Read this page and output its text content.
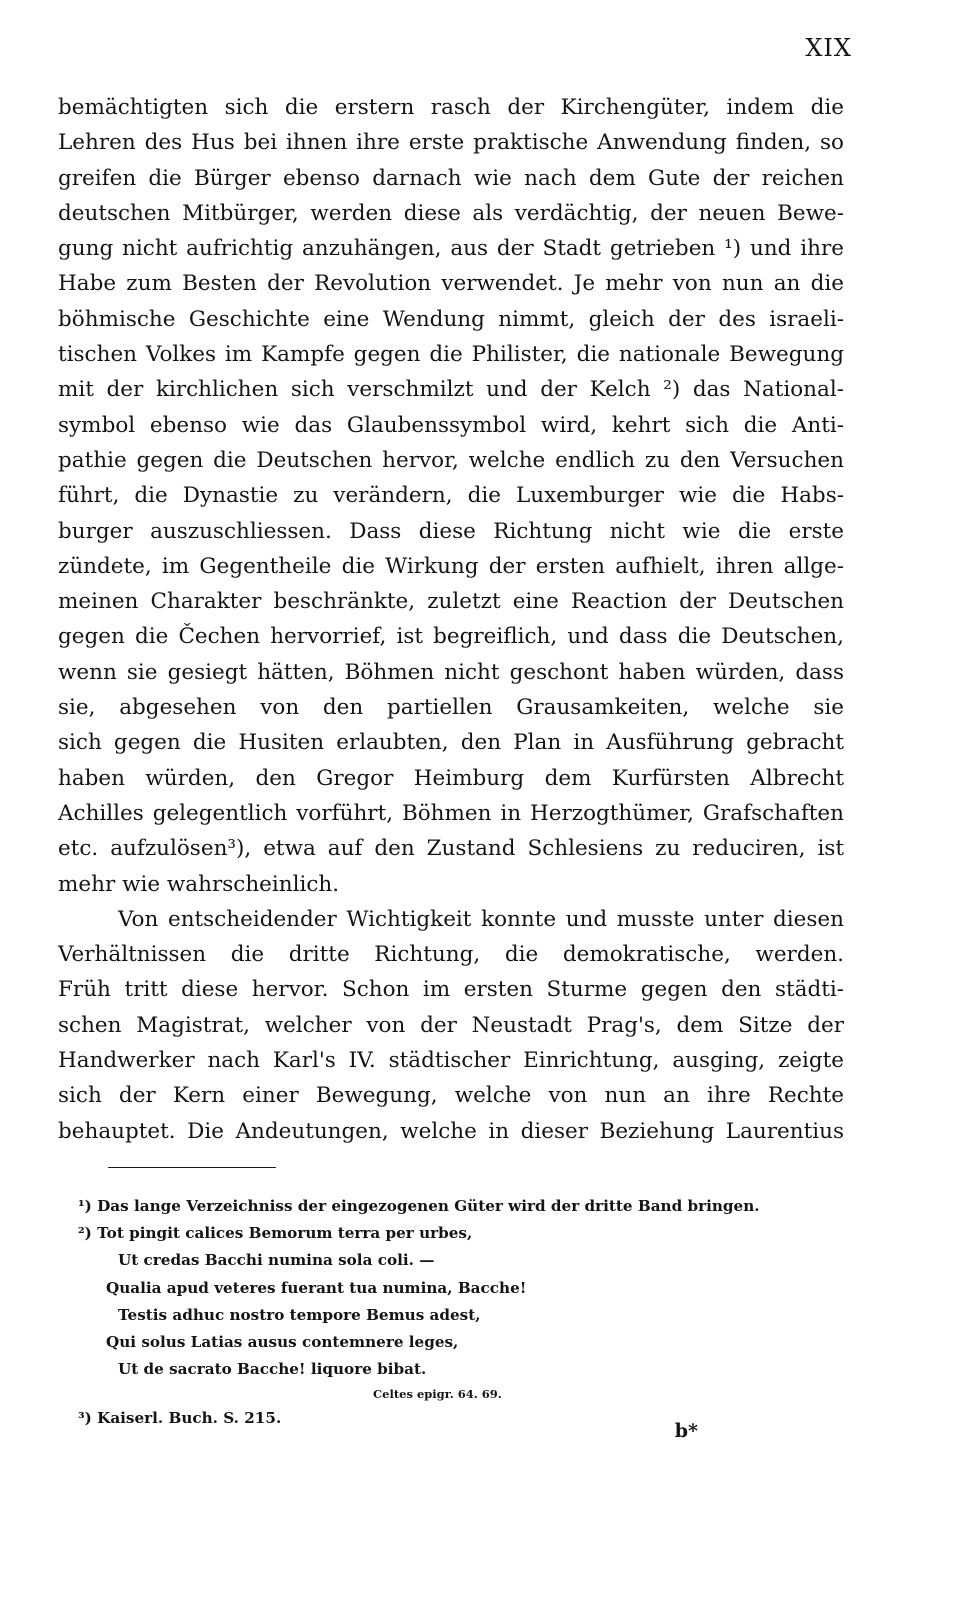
XIX
bemächtigten sich die erstern rasch der Kirchengüter, indem die
Lehren des Hus bei ihnen ihre erste praktische Anwendung finden, so
greifen die Bürger ebenso darnach wie nach dem Gute der reichen
deutschen Mitbürger, werden diese als verdächtig, der neuen Bewe-
gung nicht aufrichtig anzuhängen, aus der Stadt getrieben ¹) und ihre
Habe zum Besten der Revolution verwendet. Je mehr von nun an die
böhmische Geschichte eine Wendung nimmt, gleich der des israeli-
tischen Volkes im Kampfe gegen die Philister, die nationale Bewegung
mit der kirchlichen sich verschmilzt und der Kelch ²) das National-
symbol ebenso wie das Glaubenssymbol wird, kehrt sich die Anti-
pathie gegen die Deutschen hervor, welche endlich zu den Versuchen
führt, die Dynastie zu verändern, die Luxemburger wie die Habs-
burger auszuschliessen. Dass diese Richtung nicht wie die erste
zündete, im Gegentheile die Wirkung der ersten aufhielt, ihren allge-
meinen Charakter beschränkte, zuletzt eine Reaction der Deutschen
gegen die Čechen hervorrief, ist begreiflich, und dass die Deutschen,
wenn sie gesiegt hätten, Böhmen nicht geschont haben würden, dass
sie, abgesehen von den partiellen Grausamkeiten, welche sie
sich gegen die Husiten erlaubten, den Plan in Ausführung gebracht
haben würden, den Gregor Heimburg dem Kurfürsten Albrecht
Achilles gelegentlich vorführt, Böhmen in Herzogthümer, Grafschaften
etc. aufzulösen³), etwa auf den Zustand Schlesiens zu reduciren, ist
mehr wie wahrscheinlich.
Von entscheidender Wichtigkeit konnte und musste unter diesen
Verhältnissen die dritte Richtung, die demokratische, werden.
Früh tritt diese hervor. Schon im ersten Sturme gegen den städti-
schen Magistrat, welcher von der Neustadt Prag's, dem Sitze der
Handwerker nach Karl's IV. städtischer Einrichtung, ausging, zeigte
sich der Kern einer Bewegung, welche von nun an ihre Rechte
behauptet. Die Andeutungen, welche in dieser Beziehung Laurentius
¹) Das lange Verzeichniss der eingezogenen Güter wird der dritte Band bringen.
²) Tot pingit calices Bemorum terra per urbes,
Ut credas Bacchi numina sola coli. —
Qualia apud veteres fuerant tua numina, Bacche!
Testis adhuc nostro tempore Bemus adest,
Qui solus Latias ausus contemnere leges,
Ut de sacrato Bacche! liquore bibat.
Celtes epigr. 64. 69.
³) Kaiserl. Buch. S. 215.
b*
